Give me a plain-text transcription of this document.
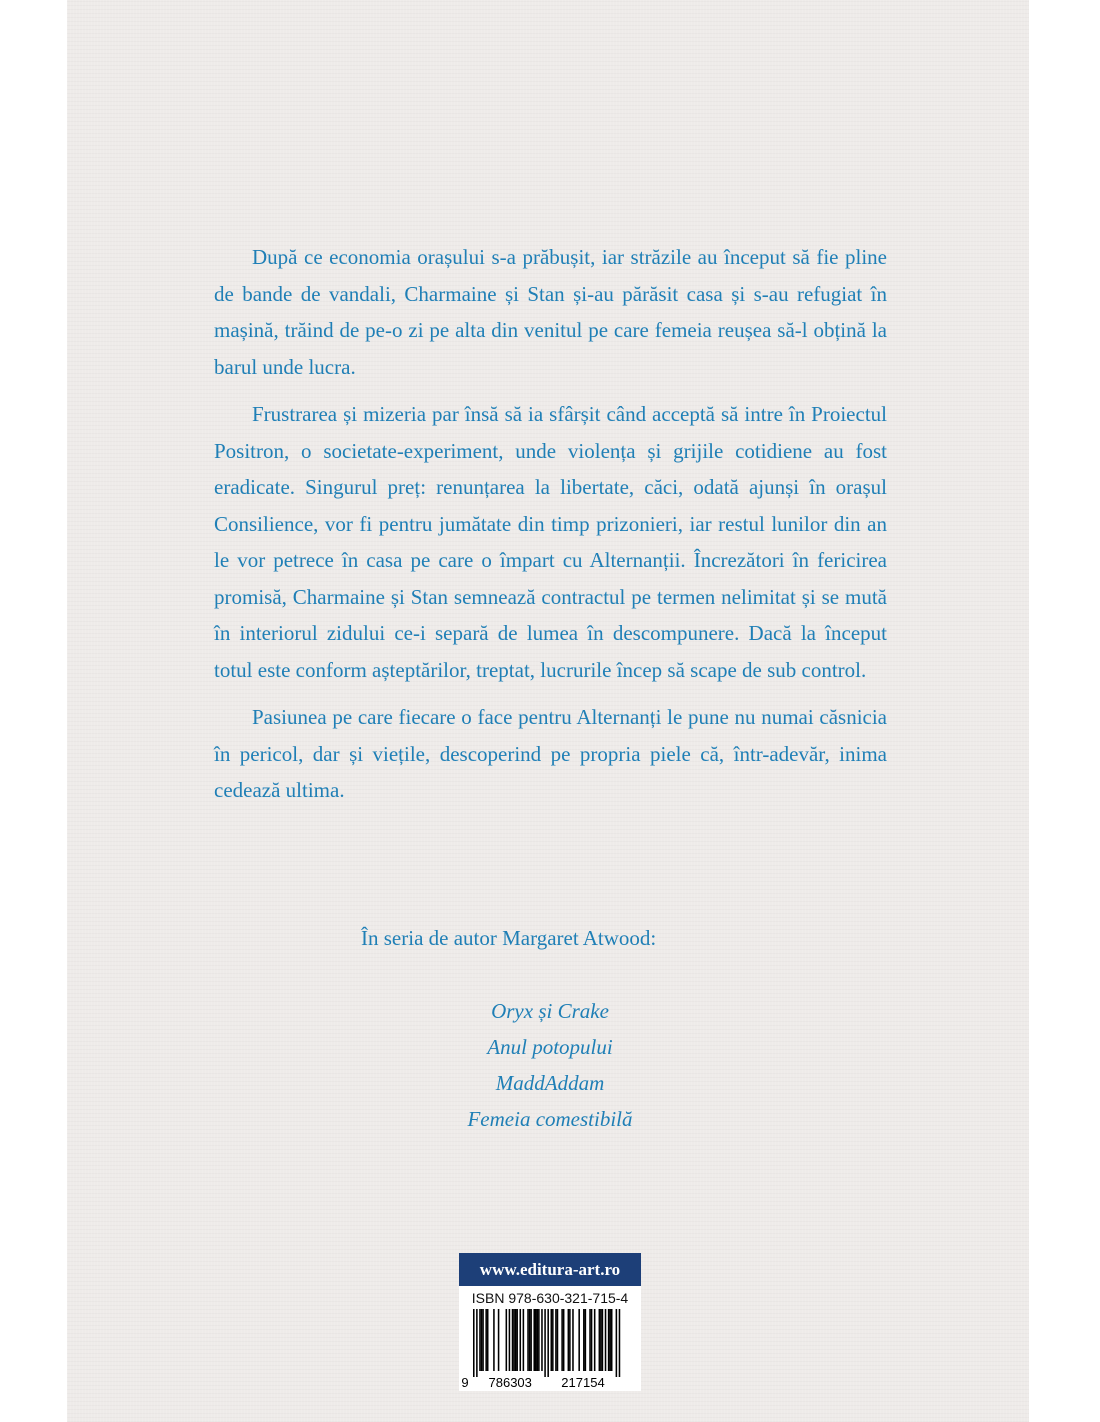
După ce economia orașului s-a prăbușit, iar străzile au început să fie pline de bande de vandali, Charmaine și Stan și-au părăsit casa și s-au refugiat în mașină, trăind de pe-o zi pe alta din venitul pe care femeia reușea să-l obțină la barul unde lucra.

Frustrarea și mizeria par însă să ia sfârșit când acceptă să intre în Proiectul Positron, o societate-experiment, unde violența și grijile cotidiene au fost eradicate. Singurul preț: renunțarea la libertate, căci, odată ajunși în orașul Consilience, vor fi pentru jumătate din timp prizonieri, iar restul lunilor din an le vor petrece în casa pe care o împart cu Alternanții. Încrezători în fericirea promisă, Charmaine și Stan semnează contractul pe termen nelimitat și se mută în interiorul zidului ce-i separă de lumea în descompunere. Dacă la început totul este conform așteptărilor, treptat, lucrurile încep să scape de sub control.

Pasiunea pe care fiecare o face pentru Alternanți le pune nu numai căsnicia în pericol, dar și viețile, descoperind pe propria piele că, într-adevăr, inima cedează ultima.

În seria de autor Margaret Atwood:
Oryx și Crake
Anul potopului
MaddAddam
Femeia comestibilă
www.editura-art.ro
ISBN 978-630-321-715-4
9 786303 217154
